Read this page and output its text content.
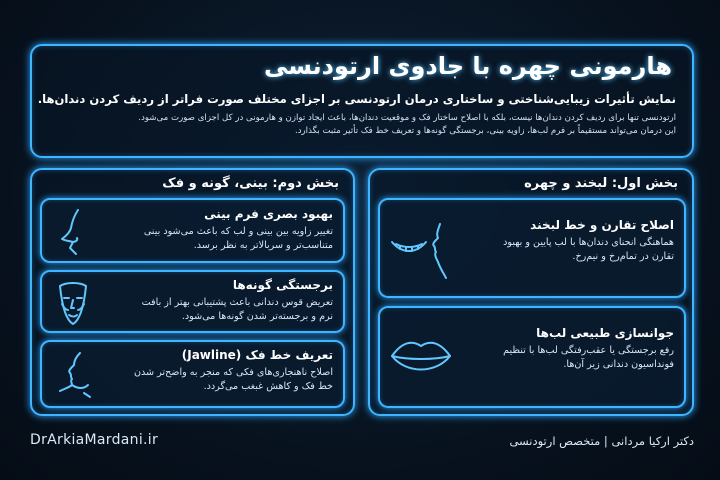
هارمونی چهره با جادوی ارتودنسی
نمایش تأثیرات زیبایی‌شناختی و ساختاری درمان ارتودنسی بر اجزای مختلف صورت فراتر از ردیف کردن دندان‌ها.
ارتودنسی تنها برای ردیف کردن دندان‌ها نیست، بلکه با اصلاح ساختار فک و موقعیت دندان‌ها، باعث ایجاد توازن و هارمونی در کل اجزای صورت می‌شود.
این درمان می‌تواند مستقیماً بر فرم لب‌ها، زاویه بینی، برجستگی گونه‌ها و تعریف خط فک تأثیر مثبت بگذارد.
بخش دوم: بینی، گونه و فک
بهبود بصری فرم بینی
تغییر زاویه بین بینی و لب که باعث می‌شود بینی
متناسب‌تر و سربالاتر به نظر برسد.
برجستگی گونه‌ها
تعریض قوس دندانی باعث پشتیبانی بهتر از بافت
نرم و برجسته‌تر شدن گونه‌ها می‌شود.
تعریف خط فک (Jawline)
اصلاح ناهنجاری‌های فکی که منجر به واضح‌تر شدن
خط فک و کاهش غبغب می‌گردد.
بخش اول: لبخند و چهره
اصلاح تقارن و خط لبخند
هماهنگی انحنای دندان‌ها با لب پایین و بهبود
تقارن در تمام‌رخ و نیم‌رخ.
جوانسازی طبیعی لب‌ها
رفع برجستگی یا عقب‌رفتگی لب‌ها با تنظیم
فونداسیون دندانی زیر آن‌ها.
DrArkiaMardani.ir	دکتر ارکیا مردانی | متخصص ارتودنسی
